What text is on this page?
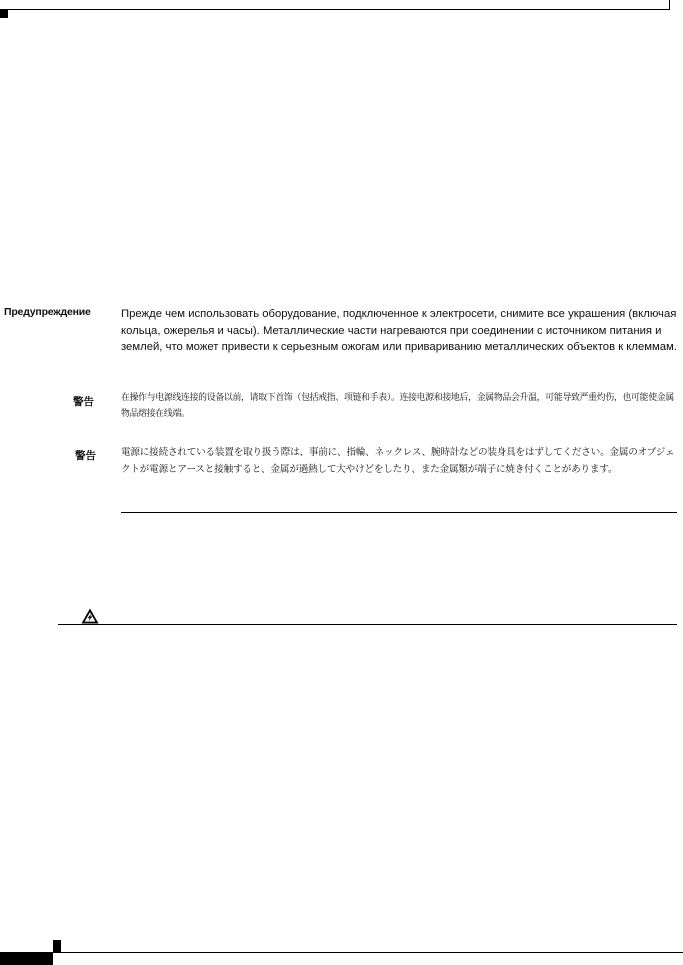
Предупреждение	Прежде чем использовать оборудование, подключенное к электросети, снимите все украшения (включая кольца, ожерелья и часы). Металлические части нагреваются при соединении с источником питания и землей, что может привести к серьезным ожогам или привариванию металлических объектов к клеммам.
警告	在操作与电源线连接的设备以前，请取下首饰（包括戒指、项链和手表）。连接电源和接地后，金属物品会升温，可能导致严重灼伤，也可能使金属物品熔接在线端。
警告	電源に接続されている装置を取り扱う際は、事前に、指輪、ネックレス、腕時計などの装身具をはずしてください。金属のオブジェクトが電源とアースと接触すると、金属が過熱して大やけどをしたり、また金属類が端子に焼き付くことがあります。
